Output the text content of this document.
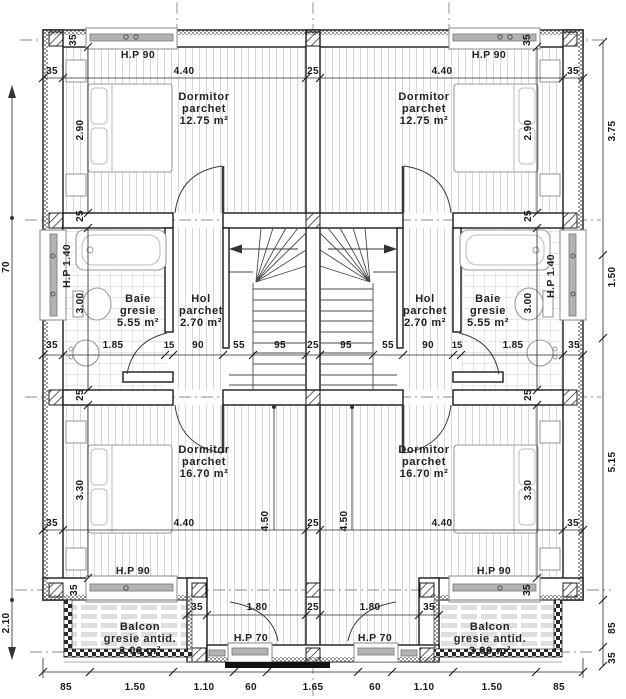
35	4.40	25	4.40	35
35	1.85	15 90	55	95 25 95	55	90 15	1.85	35
35	4.40	25	4.40	35
35	1.80	25	1.80	35
85	1.50	1.10	60	1.65	60	1.10	1.50	85
35
2.90
25
3.00
25
3.30
35
70
2.10
35
2.90
25
3.00
25
3.30
35
3.75
1.50
5.15
85
35
4.50	4.50
Dormitor
parchet
12.75 m²
Dormitor
parchet
12.75 m²
Baie
gresie
5.55 m²
Hol
parchet
2.70 m²
Hol
parchet
2.70 m²
Baie
gresie
5.55 m²
Dormitor
parchet
16.70 m²
Dormitor
parchet
16.70 m²
Balcon
gresie antid.
3.00 m²
Balcon
gresie antid.
3.00 m²
H.P 90	H.P 90
H.P 90	H.P 90
H.P 1.40	H.P 1.40
H.P 70	H.P 70
